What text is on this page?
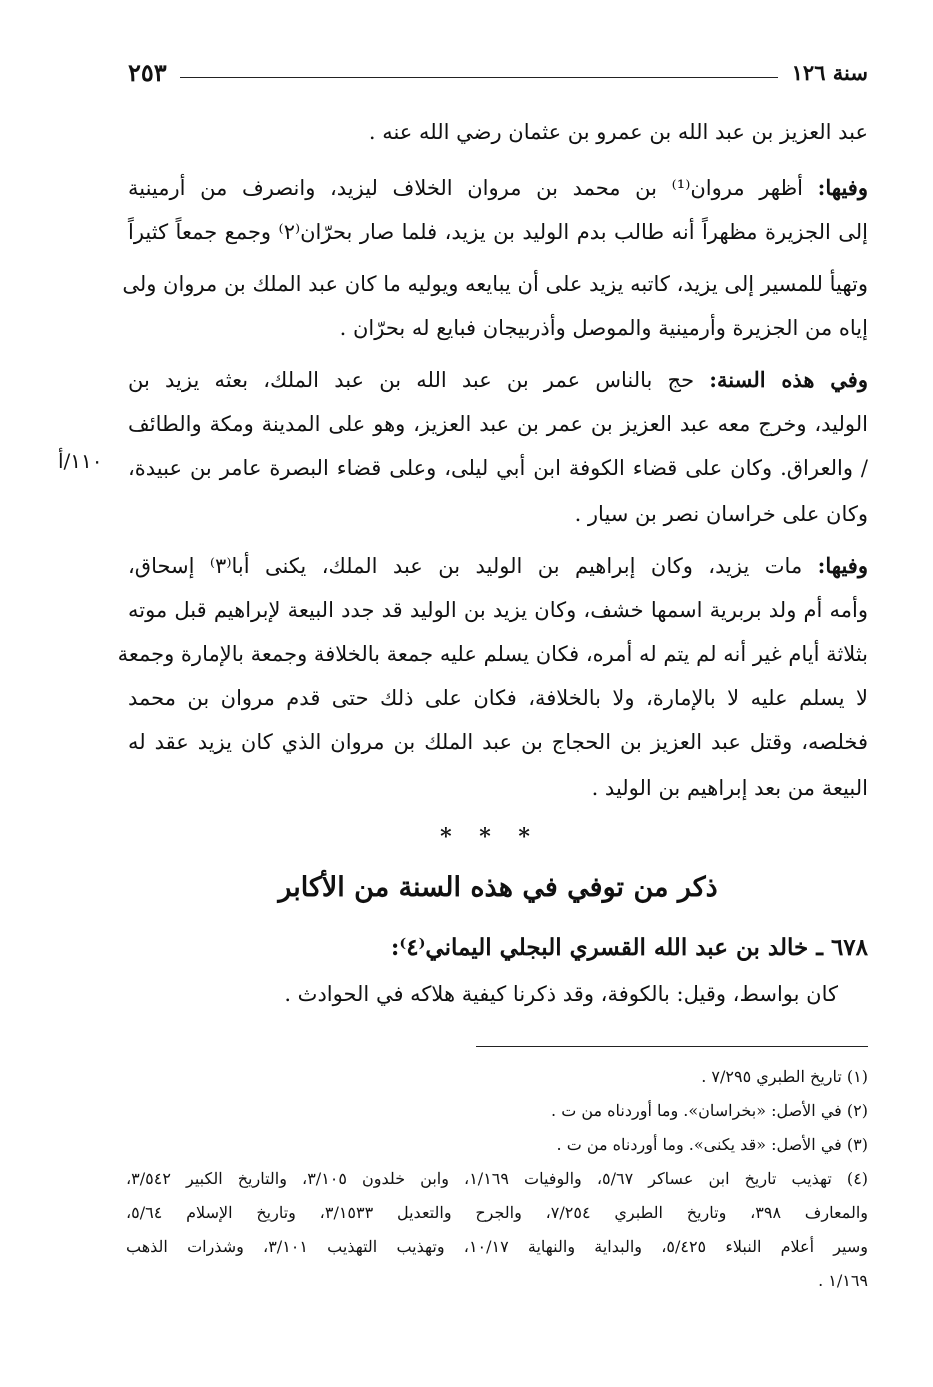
سنة ١٢٦
٢٥٣
عبد العزيز بن عبد الله بن عمرو بن عثمان رضي الله عنه .
وفيها: أظهر مروان⁽¹⁾ بن محمد بن مروان الخلاف ليزيد، وانصرف من أرمينية
إلى الجزيرة مظهراً أنه طالب بدم الوليد بن يزيد، فلما صار بحرّان⁽٢⁾ وجمع جمعاً كثيراً
وتهيأ للمسير إلى يزيد، كاتبه يزيد على أن يبايعه ويوليه ما كان عبد الملك بن مروان ولى
إياه من الجزيرة وأرمينية والموصل وأذربيجان فبايع له بحرّان .
وفي هذه السنة: حج بالناس عمر بن عبد الله بن عبد الملك، بعثه يزيد بن
الوليد، وخرج معه عبد العزيز بن عمر بن عبد العزيز، وهو على المدينة ومكة والطائف
/ والعراق. وكان على قضاء الكوفة ابن أبي ليلى، وعلى قضاء البصرة عامر بن عبيدة،
وكان على خراسان نصر بن سيار .
وفيها: مات يزيد، وكان إبراهيم بن الوليد بن عبد الملك، يكنى أبا⁽٣⁾ إسحاق،
وأمه أم ولد بربرية اسمها خشف، وكان يزيد بن الوليد قد جدد البيعة لإبراهيم قبل موته
بثلاثة أيام غير أنه لم يتم له أمره، فكان يسلم عليه جمعة بالخلافة وجمعة بالإمارة وجمعة
لا يسلم عليه لا بالإمارة، ولا بالخلافة، فكان على ذلك حتى قدم مروان بن محمد
فخلصه، وقتل عبد العزيز بن الحجاج بن عبد الملك بن مروان الذي كان يزيد عقد له
البيعة من بعد إبراهيم بن الوليد .
١١٠/أ
* * *
ذكر من توفي في هذه السنة من الأكابر
٦٧٨ ـ خالد بن عبد الله القسري البجلي اليماني⁽٤⁾:
كان بواسط، وقيل: بالكوفة، وقد ذكرنا كيفية هلاكه في الحوادث .
(١) تاريخ الطبري ٧/٢٩٥ .
(٢) في الأصل: «بخراسان». وما أوردناه من ت .
(٣) في الأصل: «قد يكنى». وما أوردناه من ت .
(٤) تهذيب تاريخ ابن عساكر ٥/٦٧، والوفيات ١/١٦٩، وابن خلدون ٣/١٠٥، والتاريخ الكبير ٣/٥٤٢،
والمعارف ٣٩٨، وتاريخ الطبري ٧/٢٥٤، والجرح والتعديل ٣/١٥٣٣، وتاريخ الإسلام ٥/٦٤،
وسير أعلام النبلاء ٥/٤٢٥، والبداية والنهاية ١٠/١٧، وتهذيب التهذيب ٣/١٠١، وشذرات الذهب
١/١٦٩ .
